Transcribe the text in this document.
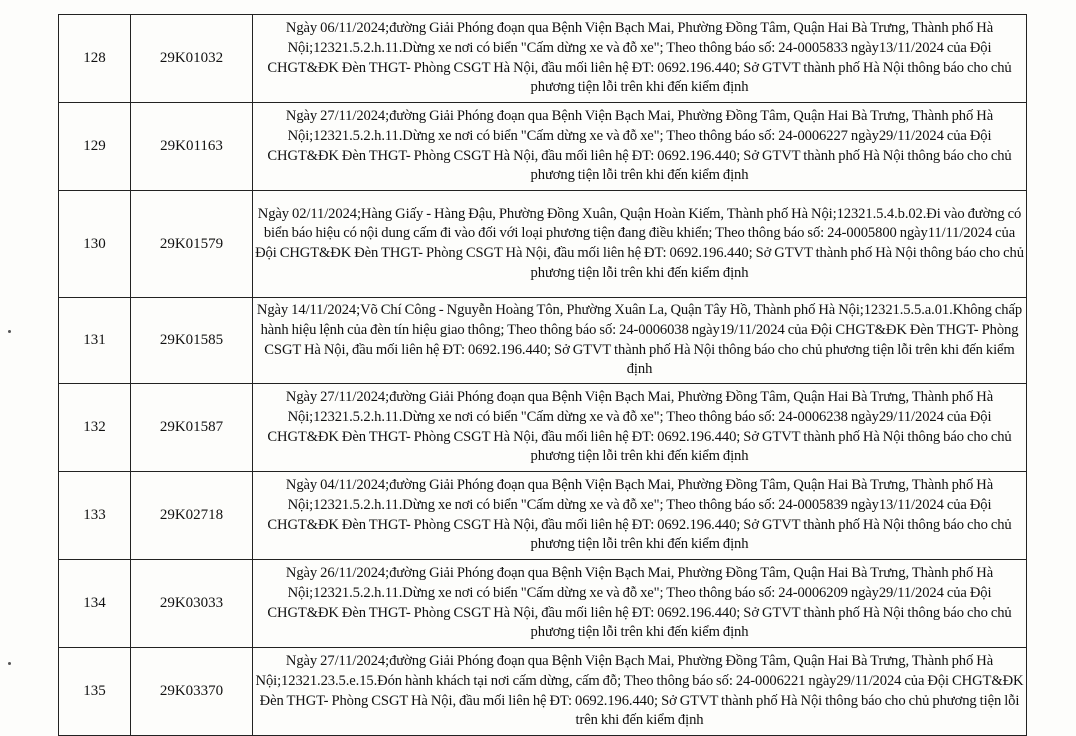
128	29K01032	Ngày 06/11/2024;đường Giải Phóng đoạn qua Bệnh Viện Bạch Mai, Phường Đồng Tâm, Quận Hai Bà Trưng, Thành phố Hà Nội;12321.5.2.h.11.Dừng xe nơi có biển "Cấm dừng xe và đỗ xe"; Theo thông báo số: 24-0005833 ngày13/11/2024 của Đội CHGT&ĐK Đèn THGT- Phòng CSGT Hà Nội, đầu mối liên hệ ĐT: 0692.196.440; Sở GTVT thành phố Hà Nội thông báo cho chủ phương tiện lỗi trên khi đến kiểm định
129	29K01163	Ngày 27/11/2024;đường Giải Phóng đoạn qua Bệnh Viện Bạch Mai, Phường Đồng Tâm, Quận Hai Bà Trưng, Thành phố Hà Nội;12321.5.2.h.11.Dừng xe nơi có biển "Cấm dừng xe và đỗ xe"; Theo thông báo số: 24-0006227 ngày29/11/2024 của Đội CHGT&ĐK Đèn THGT- Phòng CSGT Hà Nội, đầu mối liên hệ ĐT: 0692.196.440; Sở GTVT thành phố Hà Nội thông báo cho chủ phương tiện lỗi trên khi đến kiểm định
130	29K01579	Ngày 02/11/2024;Hàng Giấy - Hàng Đậu, Phường Đồng Xuân, Quận Hoàn Kiếm, Thành phố Hà Nội;12321.5.4.b.02.Đi vào đường có biển báo hiệu có nội dung cấm đi vào đối với loại phương tiện đang điều khiển; Theo thông báo số: 24-0005800 ngày11/11/2024 của Đội CHGT&ĐK Đèn THGT- Phòng CSGT Hà Nội, đầu mối liên hệ ĐT: 0692.196.440; Sở GTVT thành phố Hà Nội thông báo cho chủ phương tiện lỗi trên khi đến kiểm định
131	29K01585	Ngày 14/11/2024;Võ Chí Công - Nguyễn Hoàng Tôn, Phường Xuân La, Quận Tây Hồ, Thành phố Hà Nội;12321.5.5.a.01.Không chấp hành hiệu lệnh của đèn tín hiệu giao thông; Theo thông báo số: 24-0006038 ngày19/11/2024 của Đội CHGT&ĐK Đèn THGT- Phòng CSGT Hà Nội, đầu mối liên hệ ĐT: 0692.196.440; Sở GTVT thành phố Hà Nội thông báo cho chủ phương tiện lỗi trên khi đến kiểm định
132	29K01587	Ngày 27/11/2024;đường Giải Phóng đoạn qua Bệnh Viện Bạch Mai, Phường Đồng Tâm, Quận Hai Bà Trưng, Thành phố Hà Nội;12321.5.2.h.11.Dừng xe nơi có biển "Cấm dừng xe và đỗ xe"; Theo thông báo số: 24-0006238 ngày29/11/2024 của Đội CHGT&ĐK Đèn THGT- Phòng CSGT Hà Nội, đầu mối liên hệ ĐT: 0692.196.440; Sở GTVT thành phố Hà Nội thông báo cho chủ phương tiện lỗi trên khi đến kiểm định
133	29K02718	Ngày 04/11/2024;đường Giải Phóng đoạn qua Bệnh Viện Bạch Mai, Phường Đồng Tâm, Quận Hai Bà Trưng, Thành phố Hà Nội;12321.5.2.h.11.Dừng xe nơi có biển "Cấm dừng xe và đỗ xe"; Theo thông báo số: 24-0005839 ngày13/11/2024 của Đội CHGT&ĐK Đèn THGT- Phòng CSGT Hà Nội, đầu mối liên hệ ĐT: 0692.196.440; Sở GTVT thành phố Hà Nội thông báo cho chủ phương tiện lỗi trên khi đến kiểm định
134	29K03033	Ngày 26/11/2024;đường Giải Phóng đoạn qua Bệnh Viện Bạch Mai, Phường Đồng Tâm, Quận Hai Bà Trưng, Thành phố Hà Nội;12321.5.2.h.11.Dừng xe nơi có biển "Cấm dừng xe và đỗ xe"; Theo thông báo số: 24-0006209 ngày29/11/2024 của Đội CHGT&ĐK Đèn THGT- Phòng CSGT Hà Nội, đầu mối liên hệ ĐT: 0692.196.440; Sở GTVT thành phố Hà Nội thông báo cho chủ phương tiện lỗi trên khi đến kiểm định
135	29K03370	Ngày 27/11/2024;đường Giải Phóng đoạn qua Bệnh Viện Bạch Mai, Phường Đồng Tâm, Quận Hai Bà Trưng, Thành phố Hà Nội;12321.23.5.e.15.Đón hành khách tại nơi cấm dừng, cấm đỗ; Theo thông báo số: 24-0006221 ngày29/11/2024 của Đội CHGT&ĐK Đèn THGT- Phòng CSGT Hà Nội, đầu mối liên hệ ĐT: 0692.196.440; Sở GTVT thành phố Hà Nội thông báo cho chủ phương tiện lỗi trên khi đến kiểm định
